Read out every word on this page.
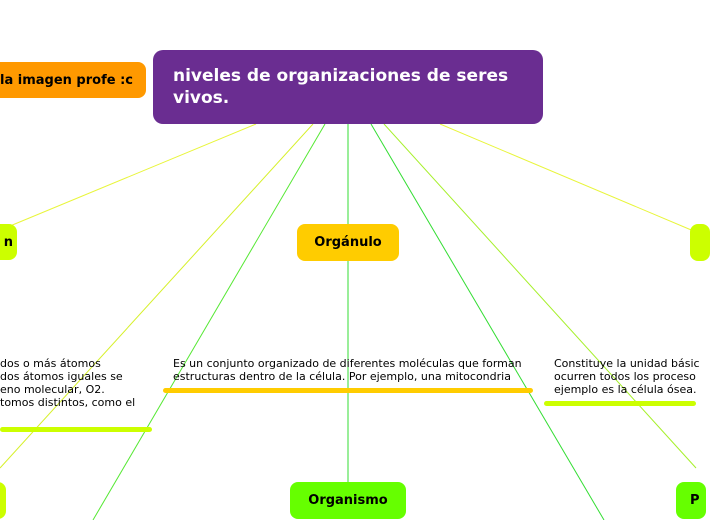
la imagen profe :c niveles de organizaciones de seres vivos.
n	Orgánulo
dos o más átomos
dos átomos iguales se
eno molecular, O2.
tomos distintos, como el
Es un conjunto organizado de diferentes moléculas que forman estructuras dentro de la célula. Por ejemplo, una mitocondria
Constituye la unidad básic
ocurren todos los proceso
ejemplo es la célula ósea.
Organismo	P
